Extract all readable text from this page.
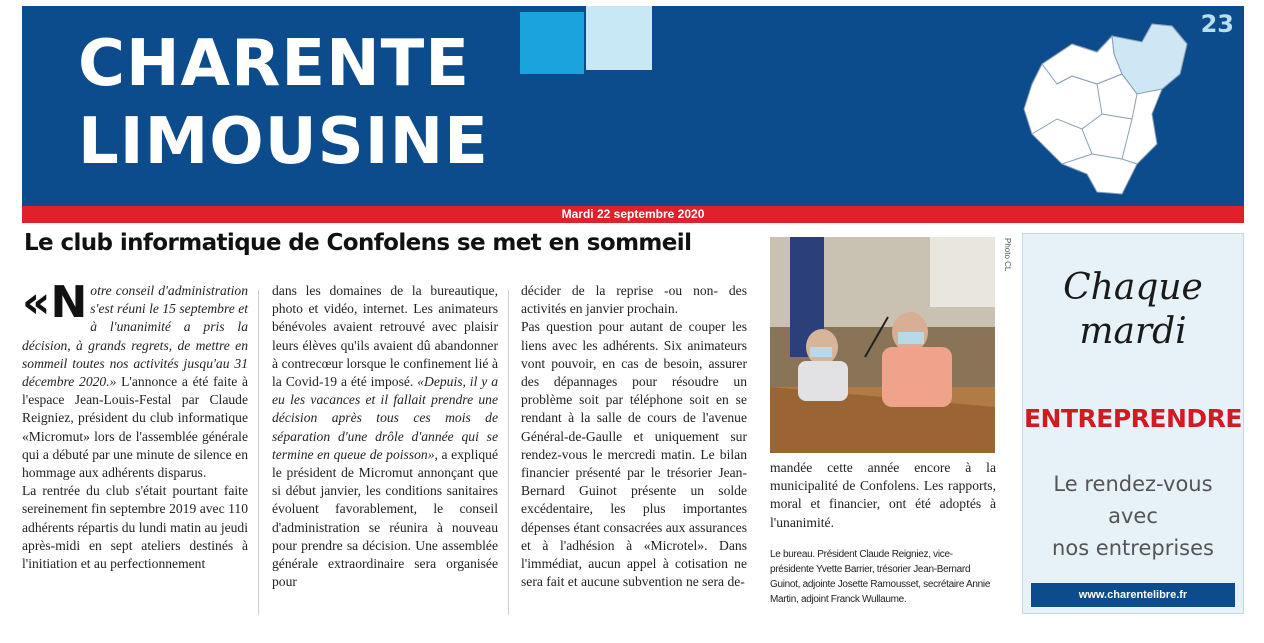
CHARENTE
LIMOUSINE
23
Mardi 22 septembre 2020
Le club informatique de Confolens se met en sommeil

«N otre conseil d'administration s'est réuni le 15 septembre et à l'unanimité a pris la décision, à grands regrets, de mettre en sommeil toutes nos activités jusqu'au 31 décembre 2020.» L'annonce a été faite à l'espace Jean-Louis-Festal par Claude Reigniez, président du club informatique «Micromut» lors de l'assemblée générale qui a débuté par une minute de silence en hommage aux adhérents disparus.

La rentrée du club s'était pourtant faite sereinement fin septembre 2019 avec 110 adhérents répartis du lundi matin au jeudi après-midi en sept ateliers destinés à l'initiation et au perfectionnement

dans les domaines de la bureautique, photo et vidéo, internet. Les animateurs bénévoles avaient retrouvé avec plaisir leurs élèves qu'ils avaient dû abandonner à contrecœur lorsque le confinement lié à la Covid-19 a été imposé. «Depuis, il y a eu les vacances et il fallait prendre une décision après tous ces mois de séparation d'une drôle d'année qui se termine en queue de poisson», a expliqué le président de Micromut annonçant que si début janvier, les conditions sanitaires évoluent favorablement, le conseil d'administration se réunira à nouveau pour prendre sa décision. Une assemblée générale extraordinaire sera organisée pour

décider de la reprise -ou non- des activités en janvier prochain.

Pas question pour autant de couper les liens avec les adhérents. Six animateurs vont pouvoir, en cas de besoin, assurer des dépannages pour résoudre un problème soit par téléphone soit en se rendant à la salle de cours de l'avenue Général-de-Gaulle et uniquement sur rendez-vous le mercredi matin. Le bilan financier présenté par le trésorier Jean-Bernard Guinot présente un solde excédentaire, les plus importantes dépenses étant consacrées aux assurances et à l'adhésion à «Microtel». Dans l'immédiat, aucun appel à cotisation ne sera fait et aucune subvention ne sera de-

Photo CL
mandée cette année encore à la municipalité de Confolens. Les rapports, moral et financier, ont été adoptés à l'unanimité.
Le bureau. Président Claude Reigniez, vice-présidente Yvette Barrier, trésorier Jean-Bernard Guinot, adjointe Josette Ramousset, secrétaire Annie Martin, adjoint Franck Wullaume.
Chaque
mardi
ENTREPRENDRE
Le rendez-vous
avec
nos entreprises
www.charentelibre.fr
